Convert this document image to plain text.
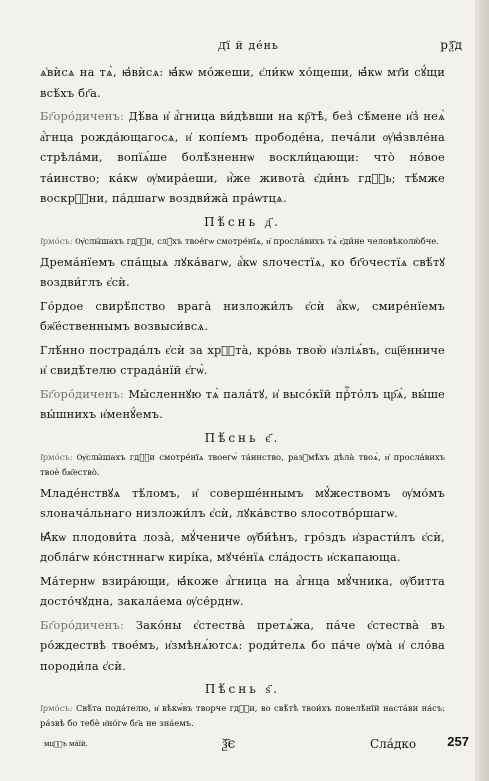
Д҃ї й де́нь	рѯ҃д

ѧ҆вѝсѧ на тѧ̀, ꙗ҆вѝсѧ: ꙗ҆́кѡ мо́жеши, є҆ли́кѡ хо́щеши, ꙗ҆́кѡ мт҃и сꙋ́щи всѣ́хъ бг҃а.

Бг҃оро́диченъ: Дѣ́ва и҆ а҆́гница ви́дѣвши на кр҇тѣ̀, без̾ сѣ́мене и҆з̾ неѧ̀ а҆́гнца рожда́ющагосѧ, и҆ копі́емъ прободе́на, печа́ли ѹ҆ꙗ҆звле́на стрѣла́ми, вопїѧ́ше болѣ́зненнѡ воскли́цающи: что̀ но́вое та́инство; ка́кѡ ѹ҆мира́еши, и҆̀же живота̀ є҆ди́нъ гдⷭ҇ь; тѣ́мже воскрⷭ҇ни, па́дшагѡ воздви́жа̀ пра́ѡтцѧ.

Пѣ́снь д҃.

І҆рмо́съ: Ѹ҆слы́шахъ гдⷭ҇и, слꙋ́хъ твое́гѡ смотре́нїѧ, и҆ просла́вихъ тѧ̀ є҆ди́не человѣколю́бче.

Дрема́нїемъ спа́щыѧ лꙋка́вагѡ, а҆́кѡ ѕлочестїѧ, ко бг҃очестїѧ свѣ́тꙋ воздви́глъ є҆сѝ.

Го́рдое свирѣ́пство врага̀ низложи́лъ є҆сѝ а҆́кѡ, смире́нїемъ бж҃е́ственнымъ возвыси́всѧ.

Глѣ́нно пострада́лъ є҆сѝ за хрⷭ҇та̀, кро́вь твою̀ и҆зліѧ́въ, сщ҃е́нниче и҆ свидѣ́телю страда́нїй є҆гѡ̀.

Бг҃оро́диченъ: Мы́сленнꙋю тѧ̀ пала́тꙋ, и҆ высо́кїй прⷭ҇то́лъ цр҃ѧ̀, вы́ше вы́шнихъ и҆менꙋ́емъ.

Пѣ́снь є҃.

І҆рмо́съ: Ѹ҆слы́шахъ гдⷭ҇и смотре́нїѧ твоегѡ̀ та́инство, разꙋмѣ́хъ дѣла̀ твоѧ̀, и҆ просла́вихъ твоѐ бж҃ество̀.

Младе́нствꙋѧ тѣ́ломъ, и҆ соверше́ннымъ мꙋ́жествомъ ѹ҆мо́мъ ѕлонача́льнаго низложи́лъ є҆сѝ, лꙋка́вство ѕлосотво́ршагѡ.

Ꙗ҆́кѡ плодови́та лоза̀, мꙋ́чениче ѹ҆би́ѣнъ, гро́здъ и҆зрасти́лъ є҆сѝ, добла́гѡ ко́нстннагѡ кирі́ка, мꙋче́нїѧ сла́дость и҆скапающа.

Ма́тернѡ взира́ющи, ꙗ҆́коже а҆́гница на а҆́гнца мꙋ́чника, ѹ҆битта досто́чꙋдна, закала́ема ѹ҆се́рднѡ.

Бг҃оро́диченъ: Зако́ны є҆стества̀ претѧ́жа, па́че є҆стества̀ въ ро́ждествѣ твое́мъ, и҆змѣнѧ́ютсѧ: роди́телѧ бо па́че ѹ҆ма̀ и҆ сло́ва породи́ла є҆сѝ.

Пѣ́снь ѕ҃.

І҆рмо́съ: Свѣ́та пода́телю, и҆ вѣкѡ́въ творче гдⷭ҇и, во свѣ́тѣ твои́хъ повелѣ́нїй наста́ви на́съ: ра́звѣ бо тебѐ и҆но́гѡ бг҃а не зна́емъ.

мцⷭ҇ъ ма́їй.	ѯ҃є	Сла́дко 257
